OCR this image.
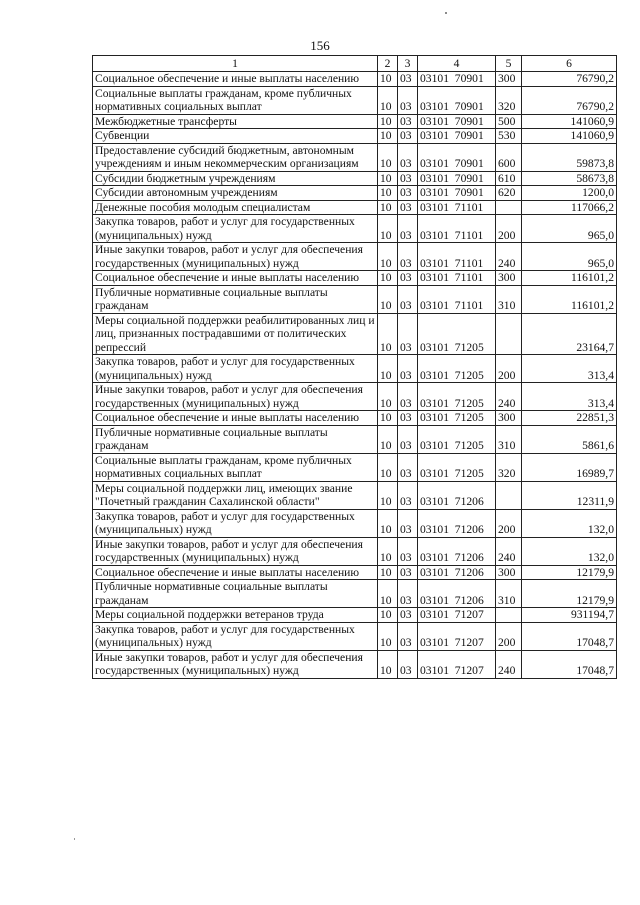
156
1	2	3	4	5	6
Социальное обеспечение и иные выплаты населению	10	03	03101  70901	300	76790,2
Социальные выплаты гражданам, кроме публичных нормативных социальных выплат	10	03	03101  70901	320	76790,2
Межбюджетные трансферты	10	03	03101  70901	500	141060,9
Субвенции	10	03	03101  70901	530	141060,9
Предоставление субсидий бюджетным, автономным учреждениям и иным некоммерческим организациям	10	03	03101  70901	600	59873,8
Субсидии бюджетным учреждениям	10	03	03101  70901	610	58673,8
Субсидии автономным учреждениям	10	03	03101  70901	620	1200,0
Денежные пособия молодым специалистам	10	03	03101  71101		117066,2
Закупка товаров, работ и услуг для государственных (муниципальных) нужд	10	03	03101  71101	200	965,0
Иные закупки товаров, работ и услуг для обеспечения государственных (муниципальных) нужд	10	03	03101  71101	240	965,0
Социальное обеспечение и иные выплаты населению	10	03	03101  71101	300	116101,2
Публичные нормативные социальные выплаты гражданам	10	03	03101  71101	310	116101,2
Меры социальной поддержки реабилитированных лиц и лиц, признанных пострадавшими от политических репрессий	10	03	03101  71205		23164,7
Закупка товаров, работ и услуг для государственных (муниципальных) нужд	10	03	03101  71205	200	313,4
Иные закупки товаров, работ и услуг для обеспечения государственных (муниципальных) нужд	10	03	03101  71205	240	313,4
Социальное обеспечение и иные выплаты населению	10	03	03101  71205	300	22851,3
Публичные нормативные социальные выплаты гражданам	10	03	03101  71205	310	5861,6
Социальные выплаты гражданам, кроме публичных нормативных социальных выплат	10	03	03101  71205	320	16989,7
Меры социальной поддержки лиц, имеющих звание "Почетный гражданин Сахалинской области"	10	03	03101  71206		12311,9
Закупка товаров, работ и услуг для государственных (муниципальных) нужд	10	03	03101  71206	200	132,0
Иные закупки товаров, работ и услуг для обеспечения государственных (муниципальных) нужд	10	03	03101  71206	240	132,0
Социальное обеспечение и иные выплаты населению	10	03	03101  71206	300	12179,9
Публичные нормативные социальные выплаты гражданам	10	03	03101  71206	310	12179,9
Меры социальной поддержки ветеранов труда	10	03	03101  71207		931194,7
Закупка товаров, работ и услуг для государственных (муниципальных) нужд	10	03	03101  71207	200	17048,7
Иные закупки товаров, работ и услуг для обеспечения государственных (муниципальных) нужд	10	03	03101  71207	240	17048,7
